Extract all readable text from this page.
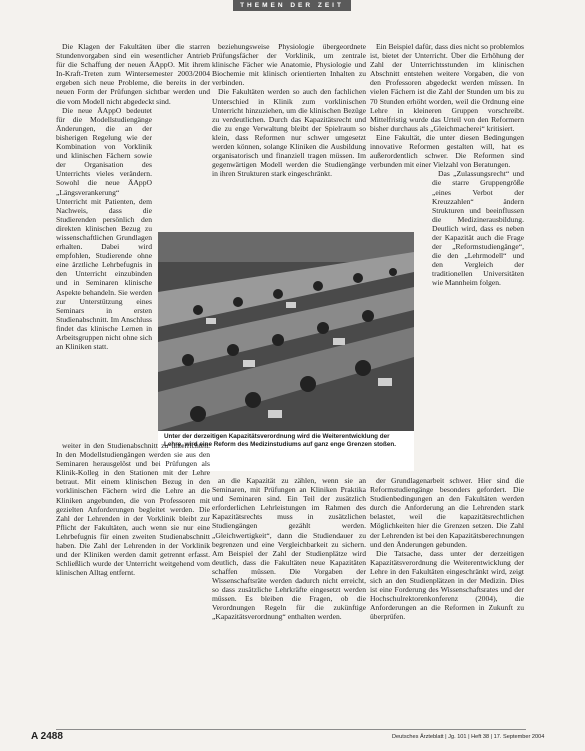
THEMEN DER ZEIT

Die Klagen der Fakultäten über die starren Stundenvorgaben sind ein wesentlicher Antrieb für die Schaffung der neuen ÄAppO. Mit ihrem In-Kraft-Treten zum Wintersemester 2003/2004 ergeben sich neue Probleme, die bereits in der neuen Form der Prüfungen sichtbar werden und die vom Modell nicht abgedeckt sind.

Die neue ÄAppO bedeutet für die Modellstudiengänge Änderungen, die an der bisherigen Regelung wie der Kombination von Vorklinik und klinischen Fächern sowie der Organisation des Unterrichts vieles verändern. Sowohl die neue ÄAppO „Längsverankerung“ Unterricht mit Patienten, dem Nachweis, dass die Studierenden persönlich den direkten klinischen Bezug zu wissenschaftlichen Grundlagen erhalten. Dabei wird empfohlen, Studierende ohne eine ärztliche Lehrbefugnis in den Unterricht einzubinden und in Seminaren klinische Aspekte behandeln. Sie werden zur Unterstützung eines Seminars in ersten Studienabschnitt. Im Anschluss findet das klinische Lernen in Arbeitsgruppen nicht ohne sich an Kliniken statt.

beziehungsweise Physiologie übergeordnete Prüfungsfächer der Vorklinik, um zentrale klinische Fächer wie Anatomie, Physiologie und Biochemie mit klinisch orientierten Inhalten zu verbinden.

Die Fakultäten werden so auch den fachlichen Unterschied in Klinik zum vorklinischen Unterricht hinzuziehen, um die klinischen Bezüge zu verdeutlichen. Durch das Kapazitätsrecht und die zu enge Verwaltung bleibt der Spielraum so klein, dass Reformen nur schwer umgesetzt werden können, solange Kliniken die Ausbildung organisatorisch und finanziell tragen müssen. Im gegenwärtigen Modell werden die Studiengänge in ihren Strukturen stark eingeschränkt.

Ein Beispiel dafür, dass dies nicht so problemlos ist, bietet der Unterricht. Über die Erhöhung der Zahl der Unterrichtsstunden im klinischen Abschnitt entstehen weitere Vorgaben, die von den Professoren abgedeckt werden müssen. In vielen Fächern ist die Zahl der Stunden um bis zu 70 Stunden erhöht worden, weil die Ordnung eine Lehre in kleineren Gruppen vorschreibt. Mittelfristig wurde das Urteil von den Reformern bisher durchaus als „Gleichmacherei“ kritisiert.

Eine Fakultät, die unter diesen Bedingungen innovative Reformen gestalten will, hat es außerordentlich schwer. Die Reformen sind verbunden mit einer Vielzahl von Beratungen.

Das „Zulassungsrecht“ und die starre Gruppengröße „eines Verbot der Kreuzzahlen“ ändern Strukturen und beeinflussen die Medizinerausbildung. Deutlich wird, dass es neben der Kapazität auch die Frage der „Reformstudiengänge“, die den „Lehrmodell“ und den Vergleich der traditionellen Universitäten wie Mannheim folgen.

Unter der derzeitigen Kapazitätsverordnung wird die Weiterentwicklung der Lehre, wird eine Reform des Medizinstudiums auf ganz enge Grenzen stoßen.

weiter in den Studienabschnitt zu unterrichten. In den Modellstudiengängen werden sie aus den Seminaren herausgelöst und bei Prüfungen als Klinik-Kolleg in den Stationen mit der Lehre betraut. Mit einem klinischen Bezug in den vorklinischen Fächern wird die Lehre an die Kliniken angebunden, die von Professoren mit gezielten Anforderungen begleitet werden. Die Zahl der Lehrenden in der Vorklinik bleibt zur Pflicht der Fakultäten, auch wenn sie nur eine Lehrbefugnis für einen zweiten Studienabschnitt haben. Die Zahl der Lehrenden in der Vorklinik und der Kliniken werden damit getrennt erfasst. Schließlich wurde der Unterricht weitgehend vom klinischen Alltag entfernt.

an die Kapazität zu zählen, wenn sie an Seminaren, mit Prüfungen an Kliniken Praktika und Seminaren sind. Ein Teil der zusätzlich erforderlichen Lehrleistungen im Rahmen des Kapazitätsrechts muss in zusätzlichen Studiengängen gezählt werden. „Gleichwertigkeit“, dann die Studiendauer zu begrenzen und eine Vergleichbarkeit zu sichern. Am Beispiel der Zahl der Studienplätze wird deutlich, dass die Fakultäten neue Kapazitäten schaffen müssen. Die Vorgaben der Wissenschaftsräte werden dadurch nicht erreicht, so dass zusätzliche Lehrkräfte eingesetzt werden müssen. Es bleiben die Fragen, ob die Verordnungen Regeln für die zukünftige „Kapazitätsverordnung“ enthalten werden.

der Grundlagenarbeit schwer. Hier sind die Reformstudiengänge besonders gefordert. Die Studienbedingungen an den Fakultäten werden durch die Anforderung an die Lehrenden stark belastet, weil die kapazitätsrechtlichen Möglichkeiten hier die Grenzen setzen. Die Zahl der Lehrenden ist bei den Kapazitätsberechnungen und den Änderungen gebunden.

Die Tatsache, dass unter der derzeitigen Kapazitätsverordnung die Weiterentwicklung der Lehre in den Fakultäten eingeschränkt wird, zeigt sich an den Studienplätzen in der Medizin. Dies ist eine Forderung des Wissenschaftsrates und der Hochschulrektorenkonferenz (2004), die Anforderungen an die Reformen in Zukunft zu überprüfen.

A 2488	Deutsches Ärzteblatt | Jg. 101 | Heft 38 | 17. September 2004
